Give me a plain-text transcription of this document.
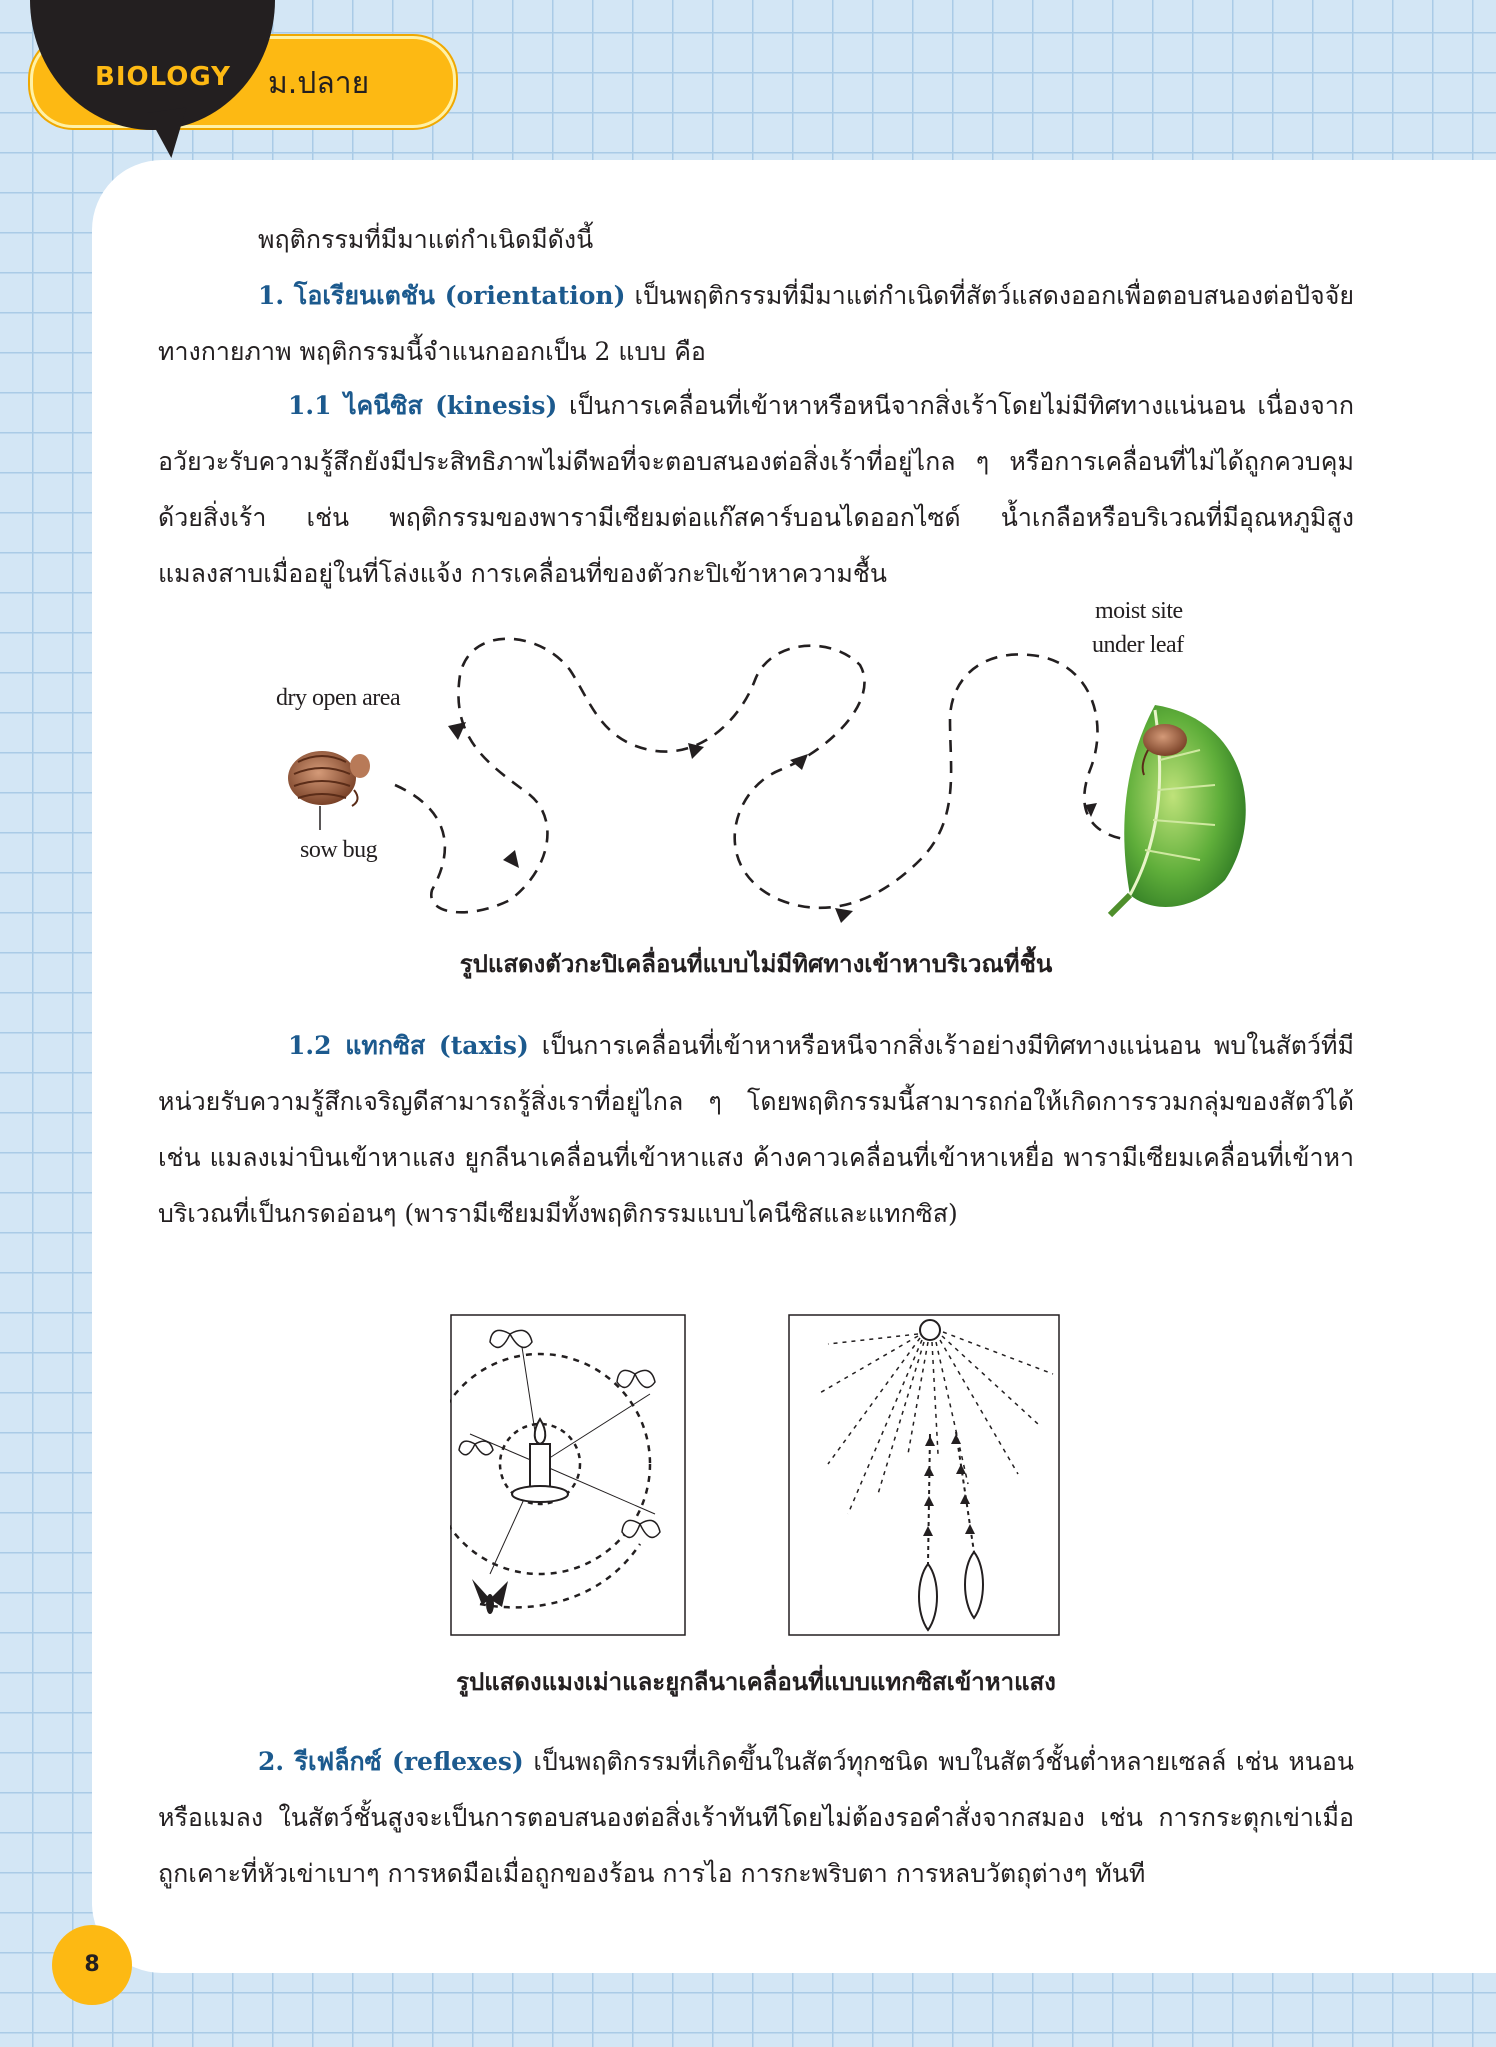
BIOLOGY ม.ปลาย

พฤติกรรมที่มีมาแต่กำเนิดมีดังนี้

1. โอเรียนเตชัน (orientation) เป็นพฤติกรรมที่มีมาแต่กำเนิดที่สัตว์แสดงออกเพื่อตอบสนองต่อปัจจัยทางกายภาพ พฤติกรรมนี้จำแนกออกเป็น 2 แบบ คือ

1.1 ไคนีซิส (kinesis) เป็นการเคลื่อนที่เข้าหาหรือหนีจากสิ่งเร้าโดยไม่มีทิศทางแน่นอน เนื่องจากอวัยวะรับความรู้สึกยังมีประสิทธิภาพไม่ดีพอที่จะตอบสนองต่อสิ่งเร้าที่อยู่ไกล ๆ หรือการเคลื่อนที่ไม่ได้ถูกควบคุมด้วยสิ่งเร้า เช่น พฤติกรรมของพารามีเซียมต่อแก๊สคาร์บอนไดออกไซด์ น้ำเกลือหรือบริเวณที่มีอุณหภูมิสูง แมลงสาบเมื่ออยู่ในที่โล่งแจ้ง การเคลื่อนที่ของตัวกะปิเข้าหาความชื้น

dry open area
sow bug
moist site
under leaf
รูปแสดงตัวกะปิเคลื่อนที่แบบไม่มีทิศทางเข้าหาบริเวณที่ชื้น

1.2 แทกซิส (taxis) เป็นการเคลื่อนที่เข้าหาหรือหนีจากสิ่งเร้าอย่างมีทิศทางแน่นอน พบในสัตว์ที่มีหน่วยรับความรู้สึกเจริญดีสามารถรู้สิ่งเราที่อยู่ไกล ๆ โดยพฤติกรรมนี้สามารถก่อให้เกิดการรวมกลุ่มของสัตว์ได้ เช่น แมลงเม่าบินเข้าหาแสง ยูกลีนาเคลื่อนที่เข้าหาแสง ค้างคาวเคลื่อนที่เข้าหาเหยื่อ พารามีเซียมเคลื่อนที่เข้าหาบริเวณที่เป็นกรดอ่อนๆ (พารามีเซียมมีทั้งพฤติกรรมแบบไคนีซิสและแทกซิส)

รูปแสดงแมงเม่าและยูกลีนาเคลื่อนที่แบบแทกซิสเข้าหาแสง

2. รีเฟล็กซ์ (reflexes) เป็นพฤติกรรมที่เกิดขึ้นในสัตว์ทุกชนิด พบในสัตว์ชั้นต่ำหลายเซลล์ เช่น หนอนหรือแมลง ในสัตว์ชั้นสูงจะเป็นการตอบสนองต่อสิ่งเร้าทันทีโดยไม่ต้องรอคำสั่งจากสมอง เช่น การกระตุกเข่าเมื่อถูกเคาะที่หัวเข่าเบาๆ การหดมือเมื่อถูกของร้อน การไอ การกะพริบตา การหลบวัตถุต่างๆ ทันที

8
